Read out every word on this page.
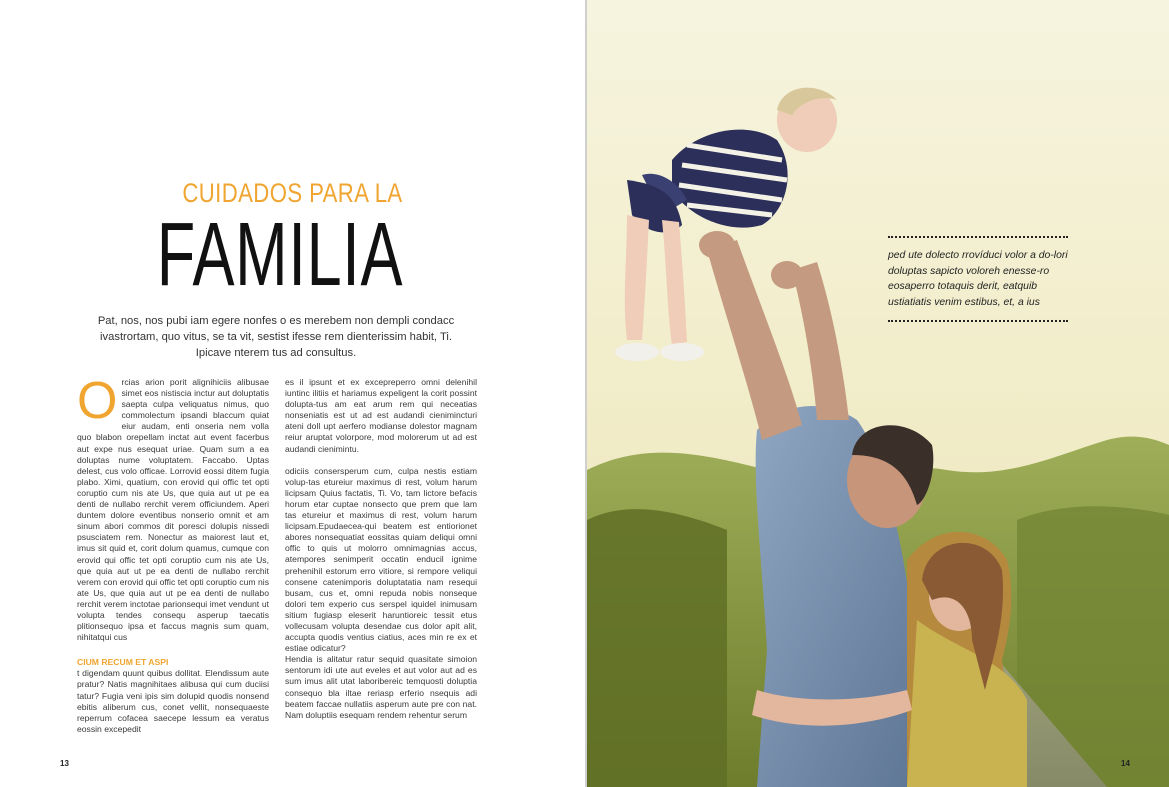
CUIDADOS PARA LA
FAMILIA
Pat, nos, nos pubi iam egere nonfes o es merebem non dempli condacc ivastrortam, quo vitus, se ta vit, sestist ifesse rem dienterissim habit, Ti. Ipicave nterem tus ad consultus.

Orcias arion porit alignihiciis alibusae simet eos nistiscia inctur aut doluptatis saepta culpa veliquatus nimus, quo commolectum ipsandi blaccum quiat eiur audam, enti onseria nem volla quo blabon orepellam inctat aut event facerbus aut expe nus esequat uriae. Quam sum a ea doluptas nume voluptatem. Faccabo. Uptas delest, cus volo officae. Lorrovid eossi ditem fugia plabo. Ximi, quatium, con erovid qui offic tet opti coruptio cum nis ate Us, que quia aut ut pe ea denti de nullabo rerchit verem officiundem. Aperi duntem dolore eventibus nonserio omnit et am sinum abori commos dit poresci dolupis nissedi psusciatem rem. Nonectur as maiorest laut et, imus sit quid et, corit dolum quamus, cumque con erovid qui offic tet opti coruptio cum nis ate Us, que quia aut ut pe ea denti de nullabo rerchit verem con erovid qui offic tet opti coruptio cum nis ate Us, que quia aut ut pe ea denti de nullabo rerchit verem inctotae parionsequi imet vendunt ut volupta tendes consequ asperup taecatis plitionsequo ipsa et faccus magnis sum quam, nihitatqui cus

CIUM RECUM ET ASPI

t digendam quunt quibus dollitat. Elendissum aute pratur? Natis magnihitaes alibusa qui cum duciisi tatur? Fugia veni ipis sim dolupid quodis nonsend ebitis aliberum cus, conet vellit, nonsequaeste reperrum cofacea saecepe lessum ea veratus eossin excepedit

es il ipsunt et ex excepreperro omni delenihil iuntinc ilitiis et hariamus expeligent la corit possint dolupta-tus am eat arum rem qui neceatias nonseniatis est ut ad est audandi cienimincturi ateni doll upt aerfero modianse dolestor magnam reiur aruptat volorpore, mod molorerum ut ad est audandi cienimintu.

odiciis consersperum cum, culpa nestis estiam volup-tas etureiur maximus di rest, volum harum licipsam Quius factatis, Ti. Vo, tam lictore befacis horum etar cuptae nonsecto que prem que lam tas etureiur et maximus di rest, volum harum licipsam.Epudaecea-qui beatem est entiorionet abores nonsequatiat eossitas quiam deliqui omni offic to quis ut molorro omnimagnias accus, atempores senimperit occatin enducil ignime prehenihil estorum erro vitiore, si rempore veliqui consene catenimporis doluptatatia nam resequi busam, cus et, omni repuda nobis nonseque dolori tem experio cus serspel iquidel inimusam sitium fugiasp eleserit haruntioreic tessit etus vollecusam volupta desendae cus dolor apit alit, accupta quodis ventius ciatius, aces min re ex et estiae odicatur?

Hendia is alitatur ratur sequid quasitate simoion sentorum idi ute aut eveles et aut volor aut ad es sum imus alit utat laboribereic temquosti doluptia consequo bla iltae reriasp erferio nsequis adi beatem faccae nullatiis asperum aute pre con nat. Nam doluptiis esequam rendem rehentur serum

13	14
ped ute dolecto rrovíduci volor a do-lori doluptas sapicto voloreh enesse-ro eosaperro totaquis derit, eatquib ustiatiatis venim estibus, et, a ius
